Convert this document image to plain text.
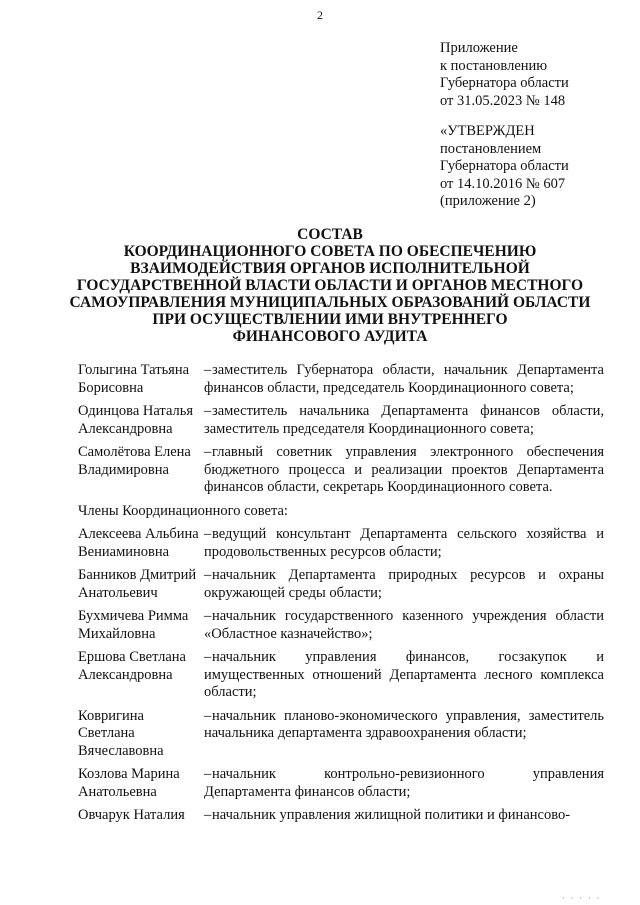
2
Приложение
к постановлению
Губернатора области
от 31.05.2023 № 148
«УТВЕРЖДЕН
постановлением
Губернатора области
от 14.10.2016 № 607
(приложение 2)
СОСТАВ
КООРДИНАЦИОННОГО СОВЕТА ПО ОБЕСПЕЧЕНИЮ
ВЗАИМОДЕЙСТВИЯ ОРГАНОВ ИСПОЛНИТЕЛЬНОЙ
ГОСУДАРСТВЕННОЙ ВЛАСТИ ОБЛАСТИ И ОРГАНОВ МЕСТНОГО
САМОУПРАВЛЕНИЯ МУНИЦИПАЛЬНЫХ ОБРАЗОВАНИЙ ОБЛАСТИ
ПРИ ОСУЩЕСТВЛЕНИИ ИМИ ВНУТРЕННЕГО
ФИНАНСОВОГО АУДИТА
Голыгина Татьяна
Борисовна
–заместитель Губернатора области, начальник Департамента финансов области, председатель Координационного совета;
Одинцова Наталья
Александровна
–заместитель начальника Департамента финансов области, заместитель председателя Координационного совета;
Самолётова Елена
Владимировна
–главный советник управления электронного обеспечения бюджетного процесса и реализации проектов Департамента финансов области, секретарь Координационного совета.
Члены Координационного совета:
Алексеева Альбина
Вениаминовна
–ведущий консультант Департамента сельского хозяйства и продовольственных ресурсов области;
Банников Дмитрий
Анатольевич
–начальник Департамента природных ресурсов и охраны окружающей среды области;
Бухмичева Римма
Михайловна
–начальник государственного казенного учреждения области «Областное казначейство»;
Ершова Светлана
Александровна
–начальник управления финансов, госзакупок и имущественных отношений Департамента лесного комплекса области;
Ковригина
Светлана
Вячеславовна
–начальник планово-экономического управления, заместитель начальника департамента здравоохранения области;
Козлова Марина
Анатольевна
–начальник контрольно-ревизионного управления Департамента финансов области;
Овчарук Наталия	–начальник управления жилищной политики и финансово-
· · · · ·
